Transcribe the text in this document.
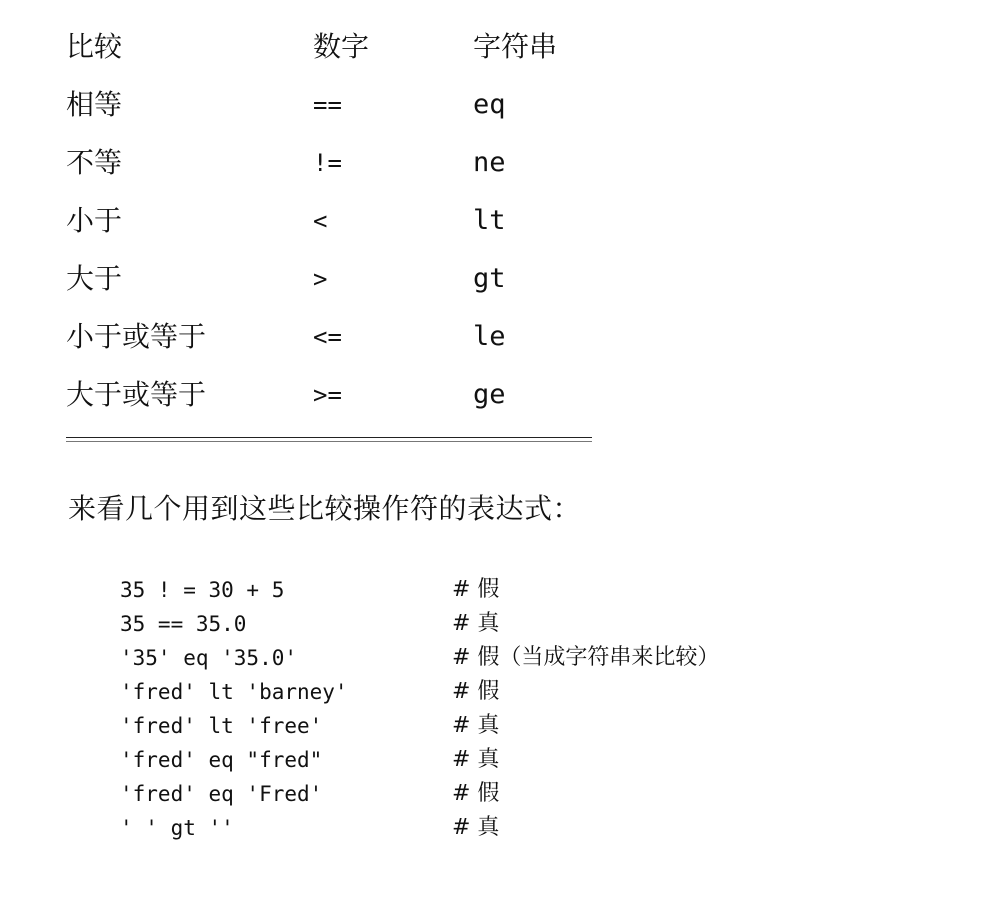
比较	数字	字符串
相等	==	eq
不等	!=	ne
小于	<	lt
大于	>	gt
小于或等于	<=	le
大于或等于	>=	ge
来看几个用到这些比较操作符的表达式：
35 ! = 30 + 5	# 假
35 == 35.0	# 真
'35' eq '35.0'	# 假（当成字符串来比较）
'fred' lt 'barney'	# 假
'fred' lt 'free'	# 真
'fred' eq "fred"	# 真
'fred' eq 'Fred'	# 假
' ' gt ''	# 真
